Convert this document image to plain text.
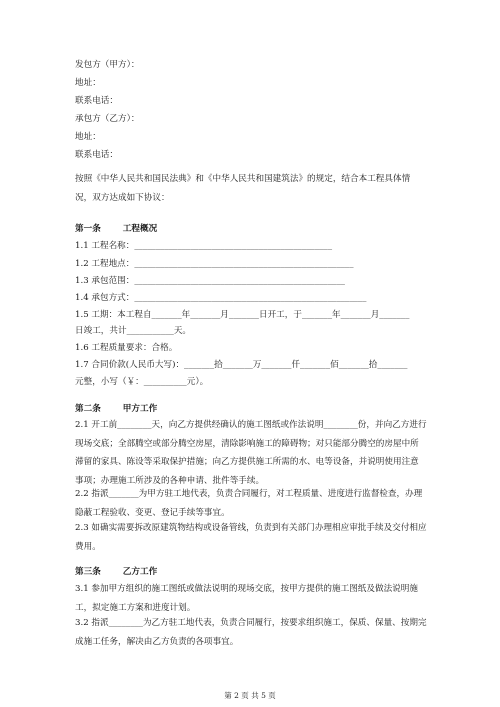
发包方（甲方）：
地址：
联系电话：
承包方（乙方）：
地址：
联系电话：
按照《中华人民共和国民法典》和《中华人民共和国建筑法》的规定，结合本工程具体情况，双方达成如下协议：
第一条	工程概况
1.1 工程名称：______________________________________________
1.2 工程地点：___________________________________________________
1.3 承包范围：_________________________________________________
1.4 承包方式：______________________________________________________
1.5 工期：本工程自_______年_______月_______日开工，于_______年_______月_______
日竣工，共计___________天。
1.6 工程质量要求：合格。
1.7 合同价款(人民币大写)：_______拾_______万_______仟_______佰_______拾_______
元整，小写（￥：__________元）。
第二条	甲方工作
2.1 开工前________天，向乙方提供经确认的施工图纸或作法说明________份，并向乙方进行现场交底；全部腾空或部分腾空房屋，清除影响施工的障碍物；对只能部分腾空的房屋中所滞留的家具、陈设等采取保护措施；向乙方提供施工所需的水、电等设备，并说明使用注意事项；办理施工所涉及的各种申请、批件等手续。
2.2 指派_______为甲方驻工地代表，负责合同履行，对工程质量、进度进行监督检查，办理隐蔽工程验收、变更、登记手续等事宜。
2.3 如确实需要拆改原建筑物结构或设备管线，负责到有关部门办理相应审批手续及交付相应费用。
第三条	乙方工作
3.1 参加甲方组织的施工图纸或做法说明的现场交底，按甲方提供的施工图纸及做法说明施工，拟定施工方案和进度计划。
3.2 指派________为乙方驻工地代表，负责合同履行，按要求组织施工，保质、保量、按期完成施工任务，解决由乙方负责的各项事宜。
第 2 页 共 5 页
